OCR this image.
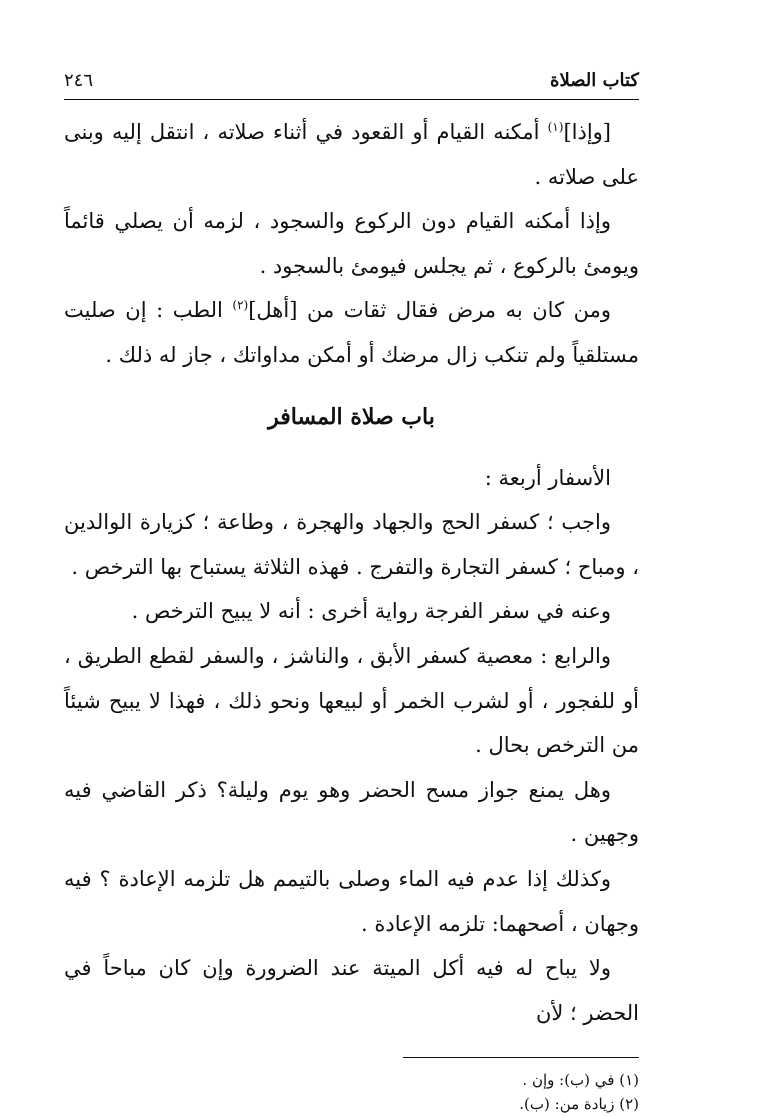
كتاب الصلاة
٢٤٦

[وإذا]$^{(١)}$ أمكنه القيام أو القعود في أثناء صلاته ، انتقل إليه وبنى على صلاته .

وإذا أمكنه القيام دون الركوع والسجود ، لزمه أن يصلي قائماً ويومئ بالركوع ، ثم يجلس فيومئ بالسجود .

ومن كان به مرض فقال ثقات من [أهل]$^{(٢)}$ الطب : إن صليت مستلقياً ولم تنكب زال مرضك أو أمكن مداواتك ، جاز له ذلك .

باب صلاة المسافر

الأسفار أربعة :

واجب ؛ كسفر الحج والجهاد والهجرة ، وطاعة ؛ كزيارة الوالدين ، ومباح ؛ كسفر التجارة والتفرج . فهذه الثلاثة يستباح بها الترخص .

وعنه في سفر الفرجة رواية أخرى : أنه لا يبيح الترخص .

والرابع : معصية كسفر الأبق ، والناشز ، والسفر لقطع الطريق ، أو للفجور ، أو لشرب الخمر أو لبيعها ونحو ذلك ، فهذا لا يبيح شيئاً من الترخص بحال .

وهل يمنع جواز مسح الحضر وهو يوم وليلة؟ ذكر القاضي فيه وجهين .

وكذلك إذا عدم فيه الماء وصلى بالتيمم هل تلزمه الإعادة ؟ فيه وجهان ، أصحهما: تلزمه الإعادة .

ولا يباح له فيه أكل الميتة عند الضرورة وإن كان مباحاً في الحضر ؛ لأن

(١) في (ب): وإن .
(٢) زيادة من: (ب).
